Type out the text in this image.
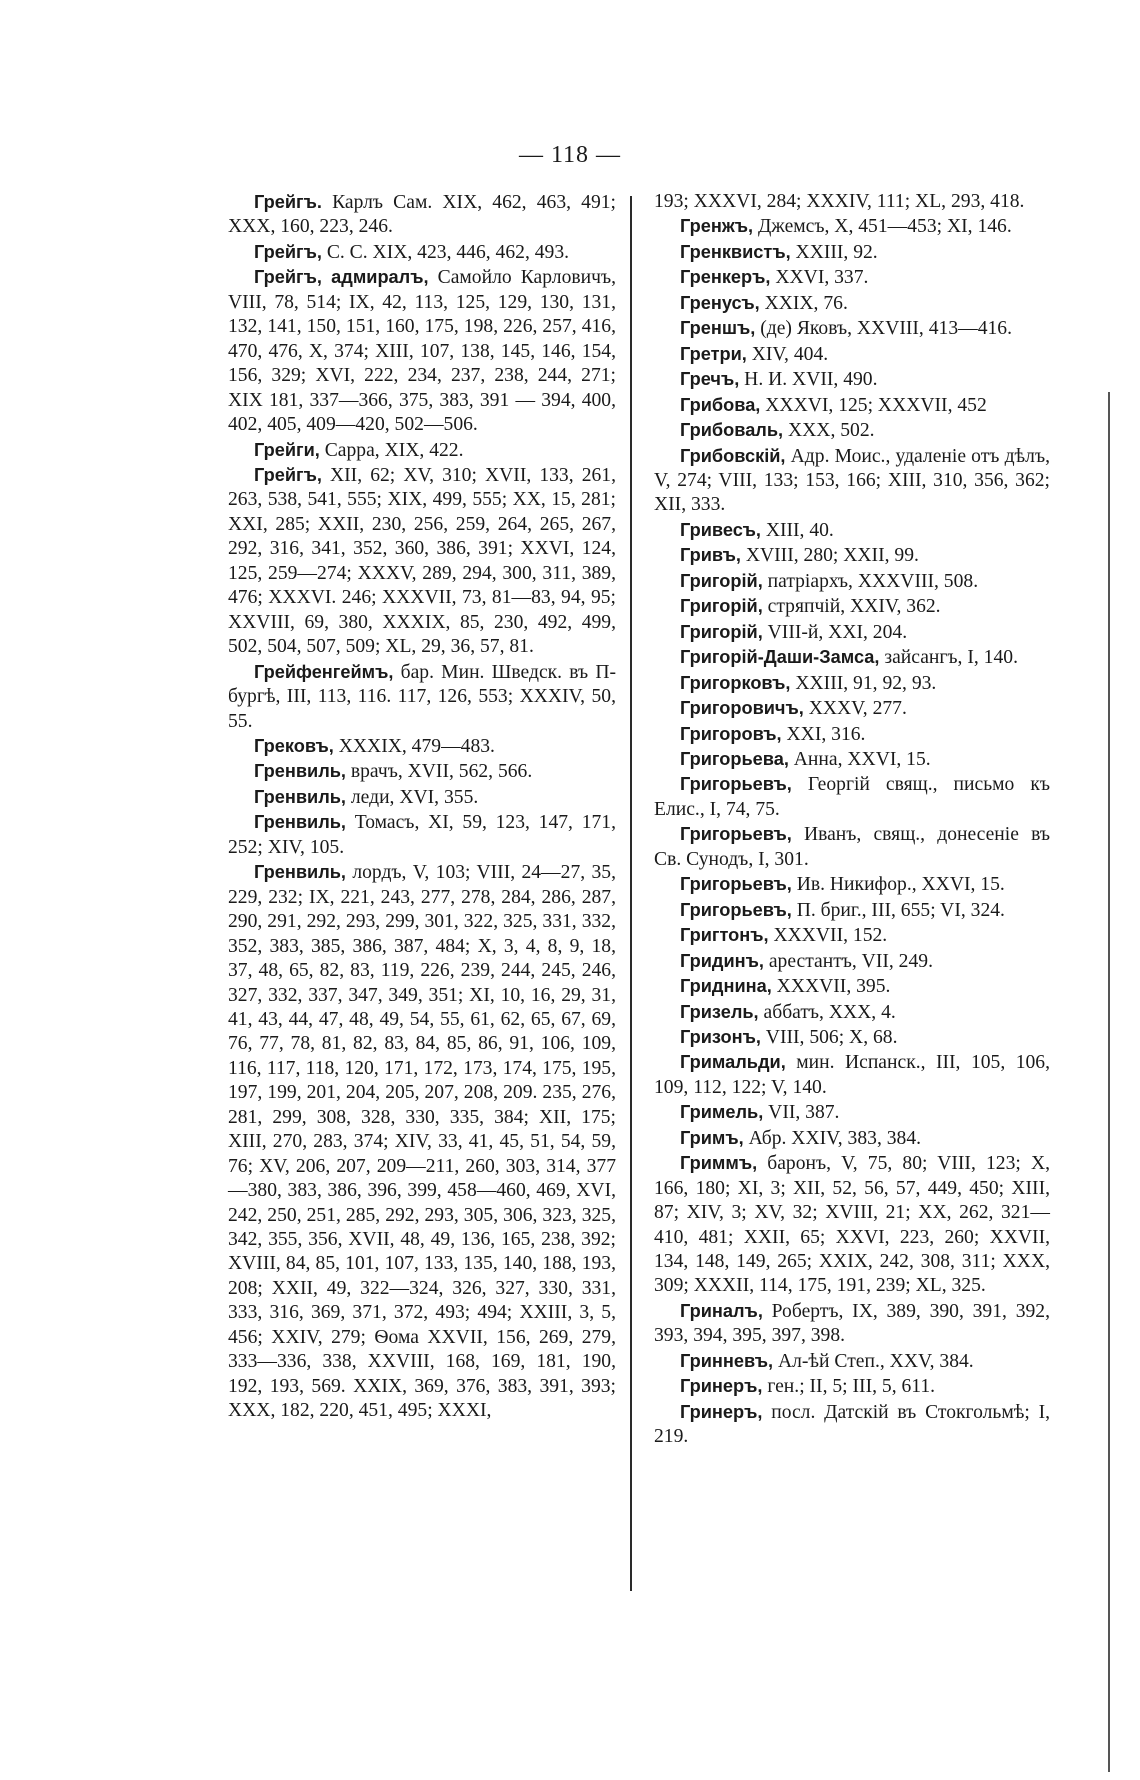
— 118 —

Грейгъ. Карлъ Сам. XIX, 462, 463, 491; XXX, 160, 223, 246.

Грейгъ, С. С. XIX, 423, 446, 462, 493.

Грейгъ, адмиралъ, Самойло Карловичъ, VIII, 78, 514; IX, 42, 113, 125, 129, 130, 131, 132, 141, 150, 151, 160, 175, 198, 226, 257, 416, 470, 476, X, 374; XIII, 107, 138, 145, 146, 154, 156, 329; XVI, 222, 234, 237, 238, 244, 271; XIX 181, 337—366, 375, 383, 391 — 394, 400, 402, 405, 409—420, 502—506.

Грейги, Сарра, XIX, 422.

Грейгъ, XII, 62; XV, 310; XVII, 133, 261, 263, 538, 541, 555; XIX, 499, 555; XX, 15, 281; XXI, 285; XXII, 230, 256, 259, 264, 265, 267, 292, 316, 341, 352, 360, 386, 391; XXVI, 124, 125, 259—274; XXXV, 289, 294, 300, 311, 389, 476; XXXVI. 246; XXXVII, 73, 81—83, 94, 95; XXVIII, 69, 380, XXXIX, 85, 230, 492, 499, 502, 504, 507, 509; XL, 29, 36, 57, 81.

Грейфенгеймъ, бар. Мин. Шведск. въ П-бургѣ, III, 113, 116. 117, 126, 553; XXXIV, 50, 55.

Грековъ, XXXIX, 479—483.

Гренвиль, врачъ, XVII, 562, 566.

Гренвиль, леди, XVI, 355.

Гренвиль, Томасъ, XI, 59, 123, 147, 171, 252; XIV, 105.

Гренвиль, лордъ, V, 103; VIII, 24—27, 35, 229, 232; IX, 221, 243, 277, 278, 284, 286, 287, 290, 291, 292, 293, 299, 301, 322, 325, 331, 332, 352, 383, 385, 386, 387, 484; X, 3, 4, 8, 9, 18, 37, 48, 65, 82, 83, 119, 226, 239, 244, 245, 246, 327, 332, 337, 347, 349, 351; XI, 10, 16, 29, 31, 41, 43, 44, 47, 48, 49, 54, 55, 61, 62, 65, 67, 69, 76, 77, 78, 81, 82, 83, 84, 85, 86, 91, 106, 109, 116, 117, 118, 120, 171, 172, 173, 174, 175, 195, 197, 199, 201, 204, 205, 207, 208, 209. 235, 276, 281, 299, 308, 328, 330, 335, 384; XII, 175; XIII, 270, 283, 374; XIV, 33, 41, 45, 51, 54, 59, 76; XV, 206, 207, 209—211, 260, 303, 314, 377—380, 383, 386, 396, 399, 458—460, 469, XVI, 242, 250, 251, 285, 292, 293, 305, 306, 323, 325, 342, 355, 356, XVII, 48, 49, 136, 165, 238, 392; XVIII, 84, 85, 101, 107, 133, 135, 140, 188, 193, 208; XXII, 49, 322—324, 326, 327, 330, 331, 333, 316, 369, 371, 372, 493; 494; XXIII, 3, 5, 456; XXIV, 279; Ѳома XXVII, 156, 269, 279, 333—336, 338, XXVIII, 168, 169, 181, 190, 192, 193, 569. XXIX, 369, 376, 383, 391, 393; XXX, 182, 220, 451, 495; XXXI,

193; XXXVI, 284; XXXIV, 111; XL, 293, 418.

Гренжъ, Джемсъ, X, 451—453; XI, 146.

Гренквистъ, XXIII, 92.

Гренкеръ, XXVI, 337.

Гренусъ, XXIX, 76.

Греншъ, (де) Яковъ, XXVIII, 413—416.

Гретри, XIV, 404.

Гречъ, Н. И. XVII, 490.

Грибова, XXXVI, 125; XXXVII, 452

Грибоваль, XXX, 502.

Грибовскій, Адр. Моис., удаленіе отъ дѣлъ, V, 274; VIII, 133; 153, 166; XIII, 310, 356, 362; XII, 333.

Гривесъ, XIII, 40.

Гривъ, XVIII, 280; XXII, 99.

Григорій, патріархъ, XXXVIII, 508.

Григорій, стряпчій, XXIV, 362.

Григорій, VIII-й, XXI, 204.

Григорій-Даши-Замса, зайсангъ, I, 140.

Григорковъ, XXIII, 91, 92, 93.

Григоровичъ, XXXV, 277.

Григоровъ, XXI, 316.

Григорьева, Анна, XXVI, 15.

Григорьевъ, Георгій свящ., письмо къ Елис., I, 74, 75.

Григорьевъ, Иванъ, свящ., донесеніе въ Св. Сунодъ, I, 301.

Григорьевъ, Ив. Никифор., XXVI, 15.

Григорьевъ, П. бриг., III, 655; VI, 324.

Григтонъ, XXXVII, 152.

Гридинъ, арестантъ, VII, 249.

Гриднина, XXXVII, 395.

Гризель, аббатъ, XXX, 4.

Гризонъ, VIII, 506; X, 68.

Гримальди, мин. Испанск., III, 105, 106, 109, 112, 122; V, 140.

Гримель, VII, 387.

Гримъ, Абр. XXIV, 383, 384.

Гриммъ, баронъ, V, 75, 80; VIII, 123; X, 166, 180; XI, 3; XII, 52, 56, 57, 449, 450; XIII, 87; XIV, 3; XV, 32; XVIII, 21; XX, 262, 321—410, 481; XXII, 65; XXVI, 223, 260; XXVII, 134, 148, 149, 265; XXIX, 242, 308, 311; XXX, 309; XXXII, 114, 175, 191, 239; XL, 325.

Гриналъ, Робертъ, IX, 389, 390, 391, 392, 393, 394, 395, 397, 398.

Гринневъ, Ал-ѣй Степ., XXV, 384.

Гринеръ, ген.; II, 5; III, 5, 611.

Гринеръ, посл. Датскій въ Стокгольмѣ; I, 219.
